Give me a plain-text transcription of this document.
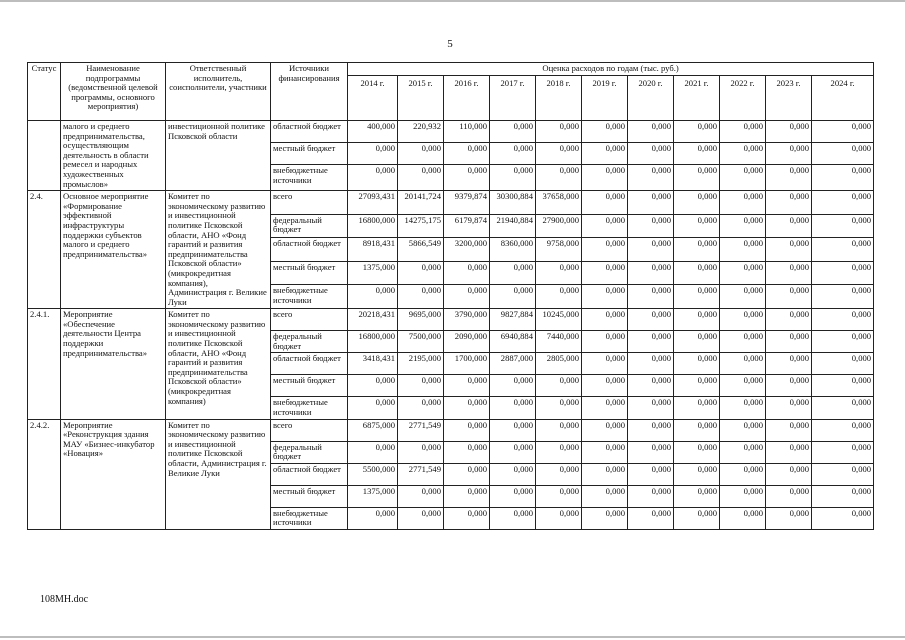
5
Статус	Наименование подпрограммы (ведомственной целевой программы, основного мероприятия)	Ответственный исполнитель, соисполнители, участники	Источники финансирования	Оценка расходов по годам (тыс. руб.)										
				2014 г.	2015 г.	2016 г.	2017 г.	2018 г.	2019 г.	2020 г.	2021 г.	2022 г.	2023 г.	2024 г.
	малого и среднего предпринимательства, осуществляющим деятельность в области ремесел и народных художественных промыслов»	инвестиционной политике Псковской области	областной бюджет	400,000	220,932	110,000	0,000	0,000	0,000	0,000	0,000	0,000	0,000	0,000
			местный бюджет	0,000	0,000	0,000	0,000	0,000	0,000	0,000	0,000	0,000	0,000	0,000
			внебюджетные источники	0,000	0,000	0,000	0,000	0,000	0,000	0,000	0,000	0,000	0,000	0,000
2.4.	Основное мероприятие «Формирование эффективной инфраструктуры поддержки субъектов малого и среднего предпринимательства»	Комитет по экономическому развитию и инвестиционной политике Псковской области, АНО «Фонд гарантий и развития предпринимательства Псковской области» (микрокредитная компания), Администрация г. Великие Луки	всего	27093,431	20141,724	9379,874	30300,884	37658,000	0,000	0,000	0,000	0,000	0,000	0,000
			федеральный бюджет	16800,000	14275,175	6179,874	21940,884	27900,000	0,000	0,000	0,000	0,000	0,000	0,000
			областной бюджет	8918,431	5866,549	3200,000	8360,000	9758,000	0,000	0,000	0,000	0,000	0,000	0,000
			местный бюджет	1375,000	0,000	0,000	0,000	0,000	0,000	0,000	0,000	0,000	0,000	0,000
			внебюджетные источники	0,000	0,000	0,000	0,000	0,000	0,000	0,000	0,000	0,000	0,000	0,000
2.4.1.	Мероприятие «Обеспечение деятельности Центра поддержки предпринимательства»	Комитет по экономическому развитию и инвестиционной политике Псковской области, АНО «Фонд гарантий и развития предпринимательства Псковской области» (микрокредитная компания)	всего	20218,431	9695,000	3790,000	9827,884	10245,000	0,000	0,000	0,000	0,000	0,000	0,000
			федеральный бюджет	16800,000	7500,000	2090,000	6940,884	7440,000	0,000	0,000	0,000	0,000	0,000	0,000
			областной бюджет	3418,431	2195,000	1700,000	2887,000	2805,000	0,000	0,000	0,000	0,000	0,000	0,000
			местный бюджет	0,000	0,000	0,000	0,000	0,000	0,000	0,000	0,000	0,000	0,000	0,000
			внебюджетные источники	0,000	0,000	0,000	0,000	0,000	0,000	0,000	0,000	0,000	0,000	0,000
2.4.2.	Мероприятие «Реконструкция здания МАУ «Бизнес-инкубатор «Новация»	Комитет по экономическому развитию и инвестиционной политике Псковской области, Администрация г. Великие Луки	всего	6875,000	2771,549	0,000	0,000	0,000	0,000	0,000	0,000	0,000	0,000	0,000
			федеральный бюджет	0,000	0,000	0,000	0,000	0,000	0,000	0,000	0,000	0,000	0,000	0,000
			областной бюджет	5500,000	2771,549	0,000	0,000	0,000	0,000	0,000	0,000	0,000	0,000	0,000
			местный бюджет	1375,000	0,000	0,000	0,000	0,000	0,000	0,000	0,000	0,000	0,000	0,000
			внебюджетные источники	0,000	0,000	0,000	0,000	0,000	0,000	0,000	0,000	0,000	0,000	0,000
108МН.doc
